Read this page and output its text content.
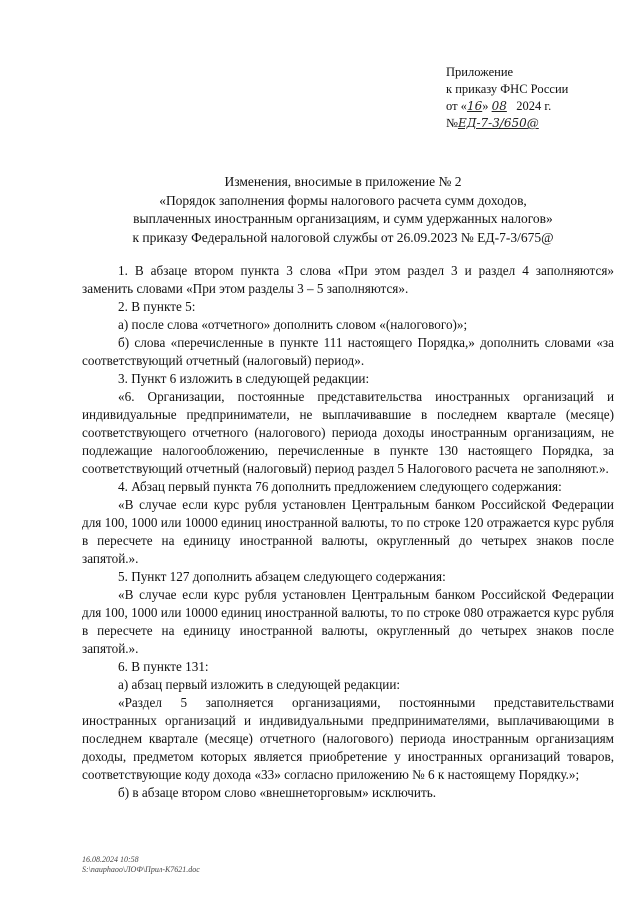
Приложение
к приказу ФНС России
от «16» 08 2024 г.
№ЕД-7-3/650@
Изменения, вносимые в приложение № 2
«Порядок заполнения формы налогового расчета сумм доходов,
выплаченных иностранным организациям, и сумм удержанных налогов»
к приказу Федеральной налоговой службы от 26.09.2023 № ЕД-7-3/675@

1. В абзаце втором пункта 3 слова «При этом раздел 3 и раздел 4 заполняются» заменить словами «При этом разделы 3 – 5 заполняются».

2. В пункте 5:

а) после слова «отчетного» дополнить словом «(налогового)»;

б) слова «перечисленные в пункте 111 настоящего Порядка,» дополнить словами «за соответствующий отчетный (налоговый) период».

3. Пункт 6 изложить в следующей редакции:

«6. Организации, постоянные представительства иностранных организаций и индивидуальные предприниматели, не выплачивавшие в последнем квартале (месяце) соответствующего отчетного (налогового) периода доходы иностранным организациям, не подлежащие налогообложению, перечисленные в пункте 130 настоящего Порядка, за соответствующий отчетный (налоговый) период раздел 5 Налогового расчета не заполняют.».

4. Абзац первый пункта 76 дополнить предложением следующего содержания:

«В случае если курс рубля установлен Центральным банком Российской Федерации для 100, 1000 или 10000 единиц иностранной валюты, то по строке 120 отражается курс рубля в пересчете на единицу иностранной валюты, округленный до четырех знаков после запятой.».

5. Пункт 127 дополнить абзацем следующего содержания:

«В случае если курс рубля установлен Центральным банком Российской Федерации для 100, 1000 или 10000 единиц иностранной валюты, то по строке 080 отражается курс рубля в пересчете на единицу иностранной валюты, округленный до четырех знаков после запятой.».

6. В пункте 131:

а) абзац первый изложить в следующей редакции:

«Раздел 5 заполняется организациями, постоянными представительствами иностранных организаций и индивидуальными предпринимателями, выплачивающими в последнем квартале (месяце) отчетного (налогового) периода иностранным организациям доходы, предметом которых является приобретение у иностранных организаций товаров, соответствующие коду дохода «33» согласно приложению № 6 к настоящему Порядку.»;

б) в абзаце втором слово «внешнеторговым» исключить.

16.08.2024 10:58
S:\nauphaoo\ЛОФ\Прил-К7621.doc
